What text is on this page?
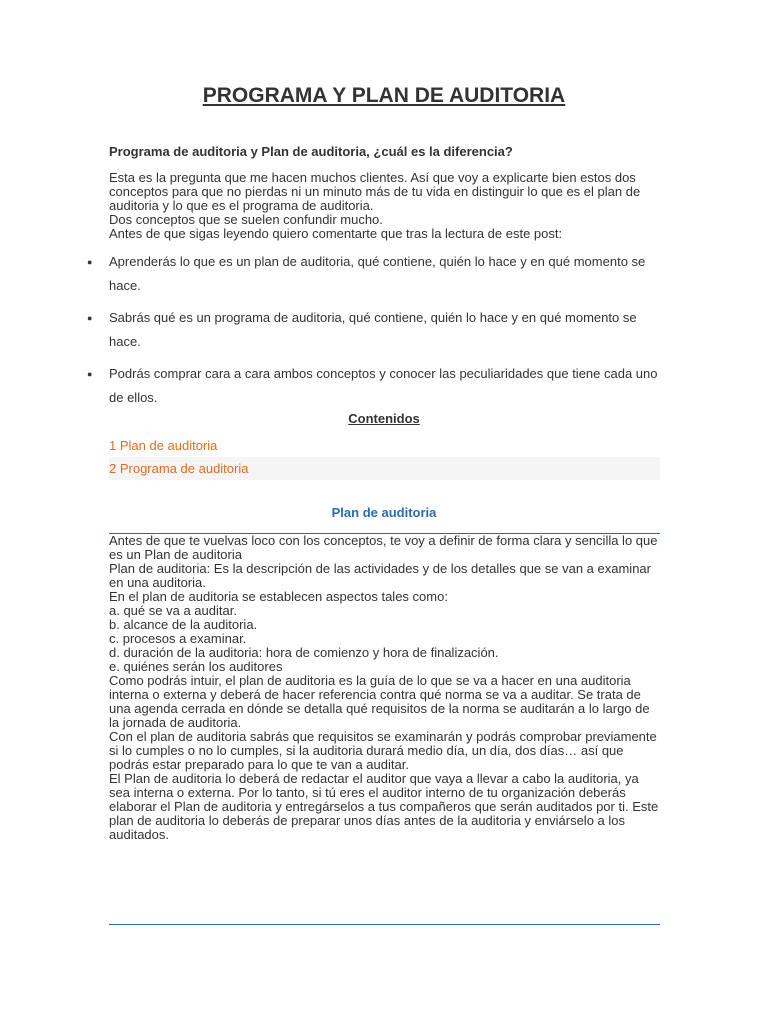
PROGRAMA Y PLAN DE AUDITORIA
Programa de auditoria y Plan de auditoria, ¿cuál es la diferencia?
Esta es la pregunta que me hacen muchos clientes. Así que voy a explicarte bien estos dos conceptos para que no pierdas ni un minuto más de tu vida en distinguir lo que es el plan de auditoria y lo que es el programa de auditoria.
Dos conceptos que se suelen confundir mucho.
Antes de que sigas leyendo quiero comentarte que tras la lectura de este post:
● Aprenderás lo que es un plan de auditoria, qué contiene, quién lo hace y en qué momento se hace.
● Sabrás qué es un programa de auditoria, qué contiene, quién lo hace y en qué momento se hace.
● Podrás comprar cara a cara ambos conceptos y conocer las peculiaridades que tiene cada uno de ellos.
Contenidos
1 Plan de auditoria
2 Programa de auditoria
Plan de auditoria
Antes de que te vuelvas loco con los conceptos, te voy a definir de forma clara y sencilla lo que es un Plan de auditoria
Plan de auditoria: Es la descripción de las actividades y de los detalles que se van a examinar en una auditoria.
En el plan de auditoria se establecen aspectos tales como:
a. qué se va a auditar.
b. alcance de la auditoria.
c. procesos a examinar.
d. duración de la auditoria: hora de comienzo y hora de finalización.
e. quiénes serán los auditores
Como podrás intuir, el plan de auditoria es la guía de lo que se va a hacer en una auditoria interna o externa y deberá de hacer referencia contra qué norma se va a auditar. Se trata de una agenda cerrada en dónde se detalla qué requisitos de la norma se auditarán a lo largo de la jornada de auditoria.
Con el plan de auditoria sabrás que requisitos se examinarán y podrás comprobar previamente si lo cumples o no lo cumples, si la auditoria durará medio día, un día, dos días… así que podrás estar preparado para lo que te van a auditar.
El Plan de auditoria lo deberá de redactar el auditor que vaya a llevar a cabo la auditoria, ya sea interna o externa. Por lo tanto, si tú eres el auditor interno de tu organización deberás elaborar el Plan de auditoria y entregárselos a tus compañeros que serán auditados por ti. Este plan de auditoria lo deberás de preparar unos días antes de la auditoria y enviárselo a los auditados.
